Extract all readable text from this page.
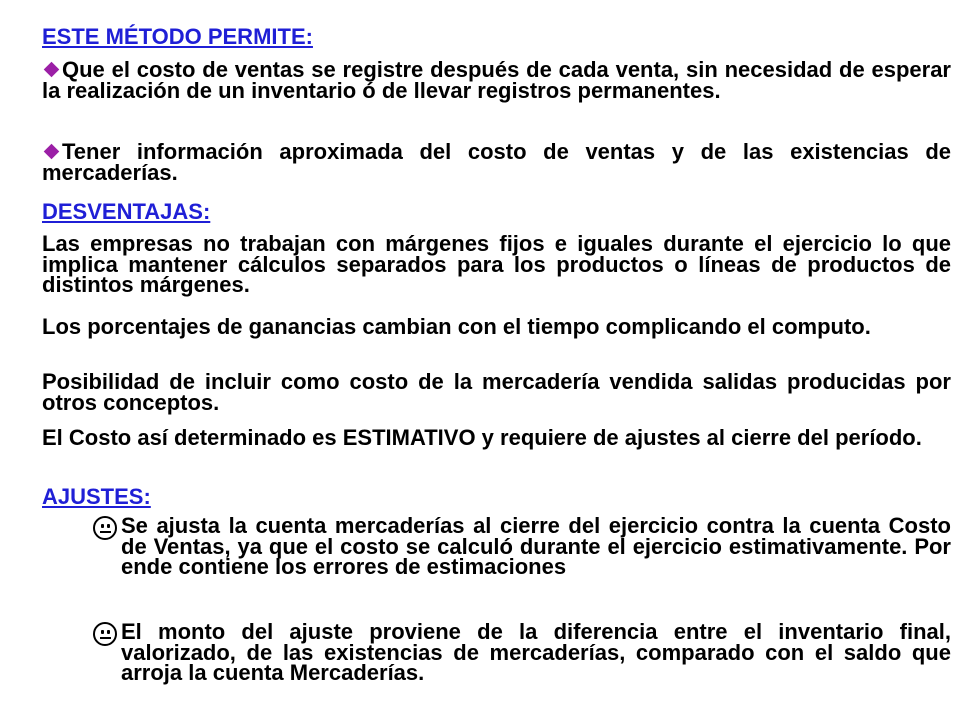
ESTE MÉTODO PERMITE:
Que el costo de ventas se registre después de cada venta, sin necesidad de esperar la realización de un inventario ó de llevar registros permanentes.
Tener información aproximada del costo de ventas y de las existencias de mercaderías.
DESVENTAJAS:
Las empresas no trabajan con márgenes fijos e iguales durante el ejercicio lo que implica mantener cálculos separados para los productos o líneas de productos de distintos márgenes.
Los porcentajes de ganancias cambian con el tiempo complicando el computo.
Posibilidad de incluir como costo de la mercadería vendida salidas producidas por otros conceptos.
El Costo así determinado es ESTIMATIVO y requiere de ajustes al cierre del período.
AJUSTES:
Se ajusta la cuenta mercaderías al cierre del ejercicio contra la cuenta Costo de Ventas, ya que el costo se calculó durante el ejercicio estimativamente. Por ende contiene los errores de estimaciones
El monto del ajuste proviene de la diferencia entre el inventario final, valorizado, de las existencias de mercaderías, comparado con el saldo que arroja la cuenta Mercaderías.
